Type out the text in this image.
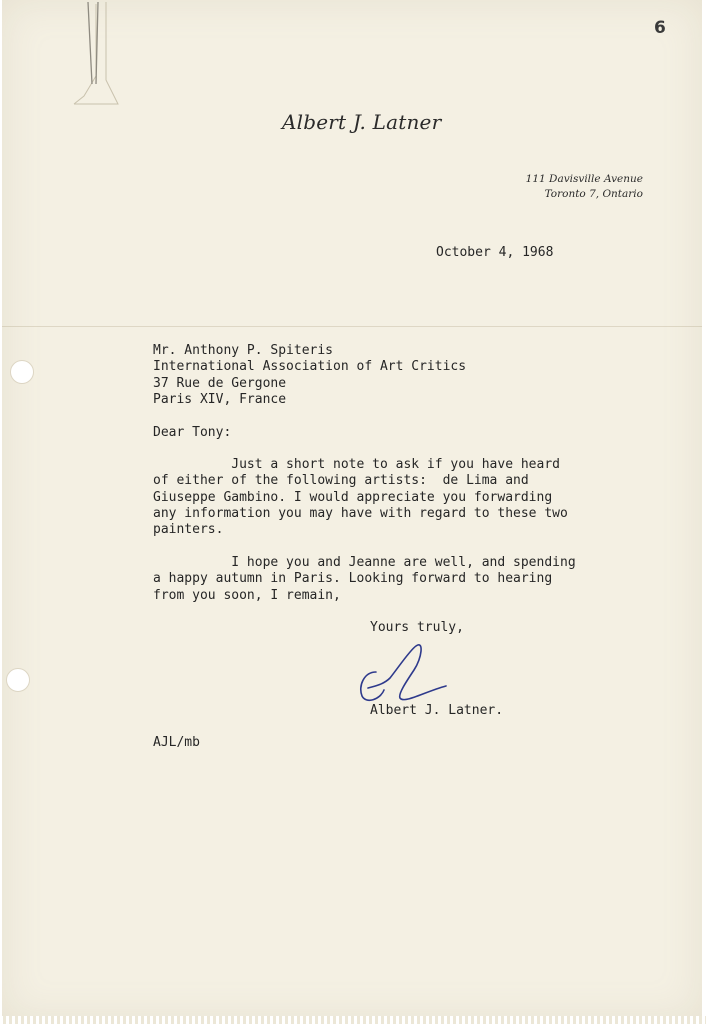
6
Albert J. Latner
111 Davisville Avenue
Toronto 7, Ontario
October 4, 1968
Mr. Anthony P. Spiteris
International Association of Art Critics
37 Rue de Gergone
Paris XIV, France
Dear Tony:
Just a short note to ask if you have heard
of either of the following artists:  de Lima and
Giuseppe Gambino. I would appreciate you forwarding
any information you may have with regard to these two
painters.
I hope you and Jeanne are well, and spending
a happy autumn in Paris. Looking forward to hearing
from you soon, I remain,
Yours truly,
Albert J. Latner.
AJL/mb
